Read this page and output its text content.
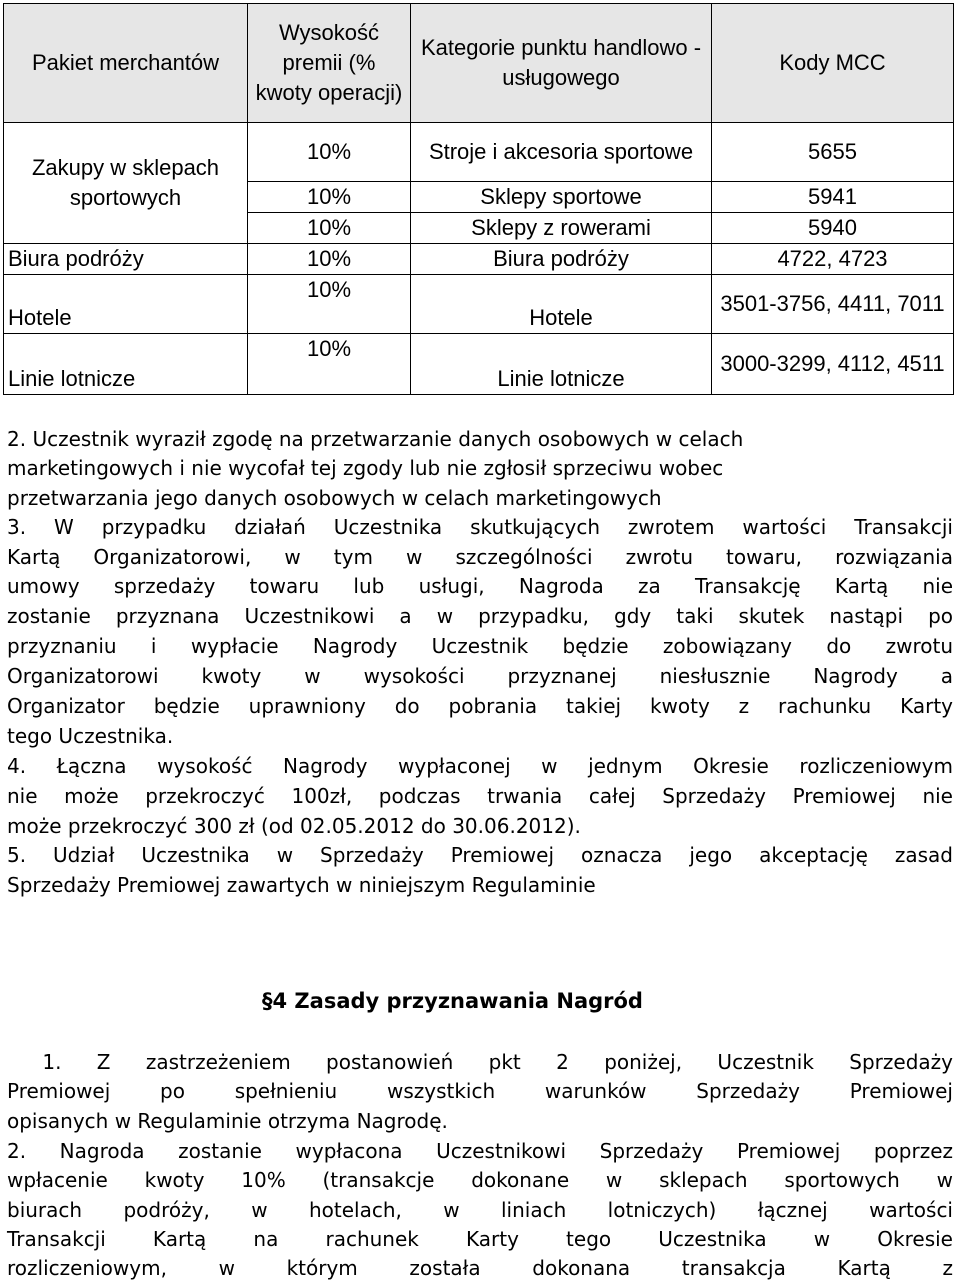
Pakiet merchantów	Wysokość premii (% kwoty operacji)	Kategorie punktu handlowo - usługowego	Kody MCC
Zakupy w sklepach sportowych	10%	Stroje i akcesoria sportowe	5655
	10%	Sklepy sportowe	5941
	10%	Sklepy z rowerami	5940
Biura podróży	10%	Biura podróży	4722, 4723
Hotele	10%	Hotele	3501-3756, 4411, 7011
Linie lotnicze	10%	Linie lotnicze	3000-3299, 4112, 4511
2. Uczestnik wyraził zgodę na przetwarzanie danych osobowych w celach
marketingowych i nie wycofał tej zgody lub nie zgłosił sprzeciwu wobec
przetwarzania jego danych osobowych w celach marketingowych
3. W przypadku działań Uczestnika skutkujących zwrotem wartości Transakcji
Kartą Organizatorowi, w tym w szczególności zwrotu towaru, rozwiązania
umowy sprzedaży towaru lub usługi, Nagroda za Transakcję Kartą nie
zostanie przyznana Uczestnikowi a w przypadku, gdy taki skutek nastąpi po
przyznaniu i wypłacie Nagrody Uczestnik będzie zobowiązany do zwrotu
Organizatorowi kwoty w wysokości przyznanej niesłusznie Nagrody a
Organizator będzie uprawniony do pobrania takiej kwoty z rachunku Karty
tego Uczestnika.
4. Łączna wysokość Nagrody wypłaconej w jednym Okresie rozliczeniowym
nie może przekroczyć 100zł, podczas trwania całej Sprzedaży Premiowej nie
może przekroczyć 300 zł (od 02.05.2012 do 30.06.2012).
5. Udział Uczestnika w Sprzedaży Premiowej oznacza jego akceptację zasad
Sprzedaży Premiowej zawartych w niniejszym Regulaminie
§4 Zasady przyznawania Nagród
1. Z zastrzeżeniem postanowień pkt 2 poniżej, Uczestnik Sprzedaży
Premiowej po spełnieniu wszystkich warunków Sprzedaży Premiowej
opisanych w Regulaminie otrzyma Nagrodę.
2. Nagroda zostanie wypłacona Uczestnikowi Sprzedaży Premiowej poprzez
wpłacenie kwoty 10% (transakcje dokonane w sklepach sportowych w
biurach podróży, w hotelach, w liniach lotniczych) łącznej wartości
Transakcji Kartą na rachunek Karty tego Uczestnika w Okresie
rozliczeniowym, w którym została dokonana transakcja Kartą z
